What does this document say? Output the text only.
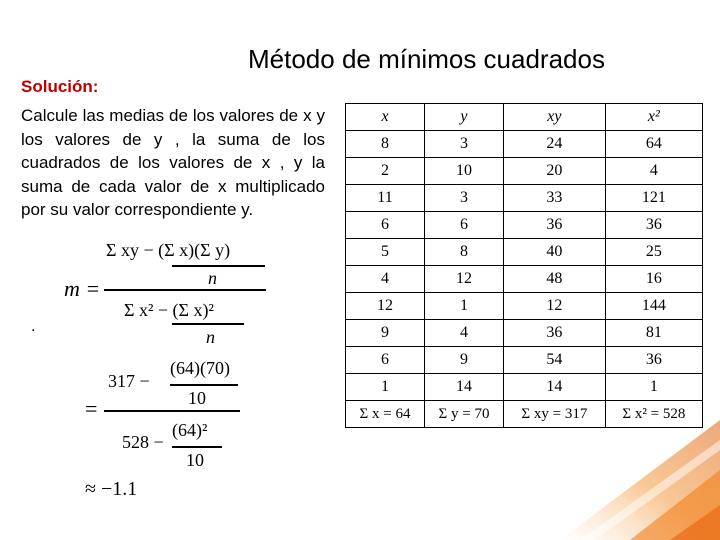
Método de mínimos cuadrados
Solución:
Calcule las medias de los valores de x y los valores de y , la suma de los cuadrados de los valores de x , y la suma de cada valor de x multiplicado por su valor correspondiente y.
.
m =
Σ xy − (Σ x)(Σ y)
n
Σ x² − (Σ x)²
n
=
317 −
(64)(70)
10
528 −
(64)²
10
≈ −1.1
x	y	xy	x²
8	3	24	64
2	10	20	4
11	3	33	121
6	6	36	36
5	8	40	25
4	12	48	16
12	1	12	144
9	4	36	81
6	9	54	36
1	14	14	1
Σ x = 64	Σ y = 70	Σ xy = 317	Σ x² = 528
